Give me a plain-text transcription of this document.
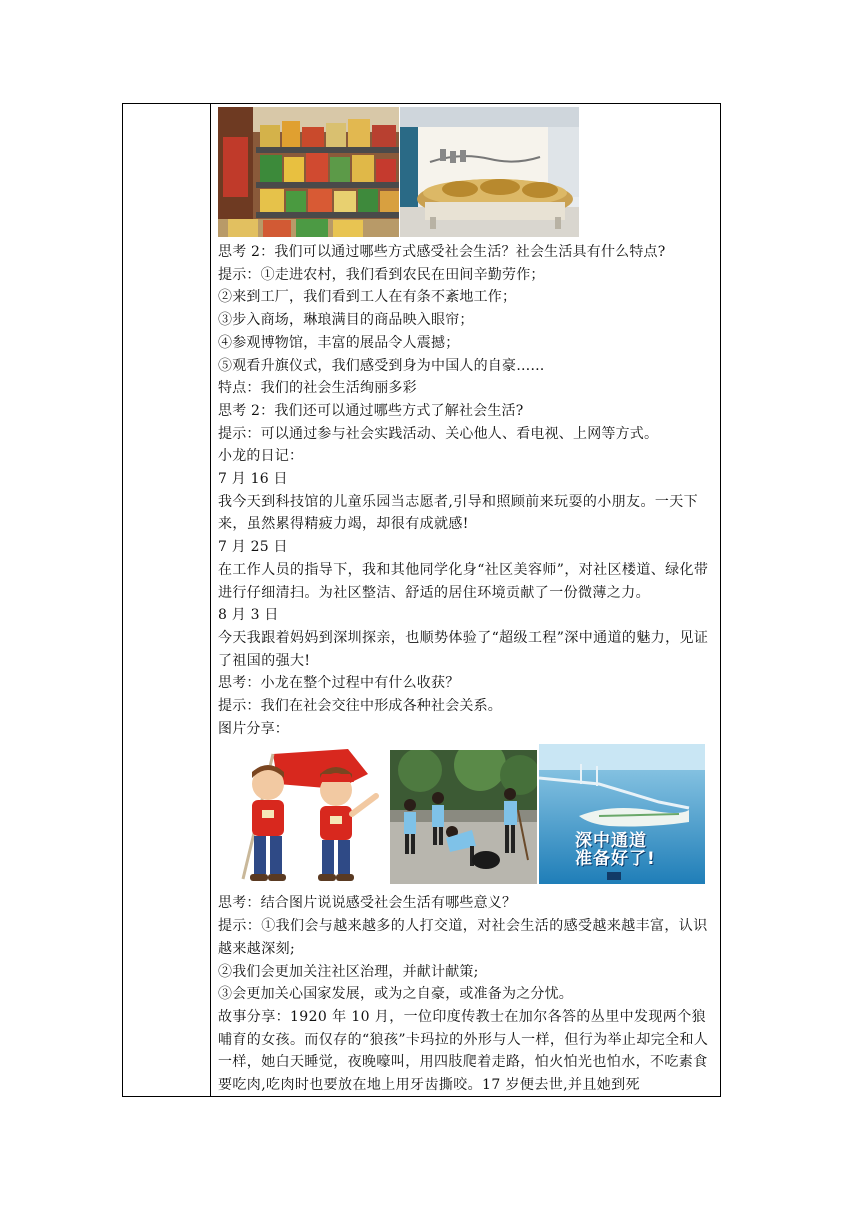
思考 2：我们可以通过哪些方式感受社会生活？社会生活具有什么特点?
提示：①走进农村，我们看到农民在田间辛勤劳作；
②来到工厂，我们看到工人在有条不紊地工作；
③步入商场，琳琅满目的商品映入眼帘；
④参观博物馆，丰富的展品令人震撼；
⑤观看升旗仪式，我们感受到身为中国人的自豪……
特点：我们的社会生活绚丽多彩
思考 2：我们还可以通过哪些方式了解社会生活?
提示：可以通过参与社会实践活动、关心他人、看电视、上网等方式。
小龙的日记：
7 月 16 日
我今天到科技馆的儿童乐园当志愿者,引导和照顾前来玩耍的小朋友。一天下来，虽然累得精疲力竭，却很有成就感!
7 月 25 日
在工作人员的指导下，我和其他同学化身“社区美容师”，对社区楼道、绿化带进行仔细清扫。为社区整洁、舒适的居住环境贡献了一份微薄之力。
8 月 3 日
今天我跟着妈妈到深圳探亲，也顺势体验了“超级工程”深中通道的魅力，见证了祖国的强大!
思考：小龙在整个过程中有什么收获？
提示：我们在社会交往中形成各种社会关系。
图片分享：
深中通道
准备好了!
思考：结合图片说说感受社会生活有哪些意义？
提示：①我们会与越来越多的人打交道，对社会生活的感受越来越丰富，认识越来越深刻;
②我们会更加关注社区治理，并献计献策;
③会更加关心国家发展，或为之自豪，或准备为之分忧。
故事分享：1920 年 10 月，一位印度传教士在加尔各答的丛里中发现两个狼哺育的女孩。而仅存的“狼孩”卡玛拉的外形与人一样，但行为举止却完全和人一样，她白天睡觉，夜晚嚎叫，用四肢爬着走路，怕火怕光也怕水，不吃素食要吃肉,吃肉时也要放在地上用牙齿撕咬。17 岁便去世,并且她到死
